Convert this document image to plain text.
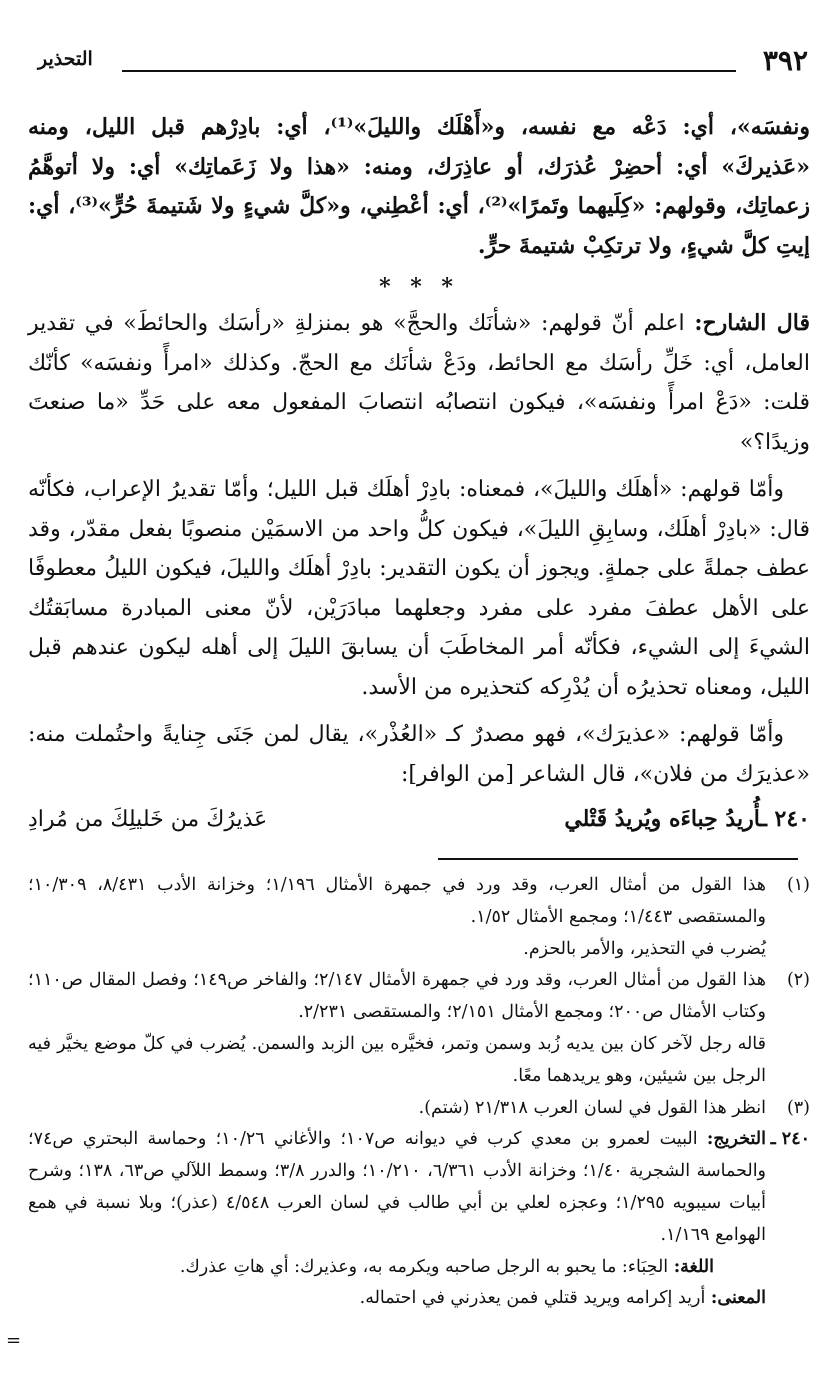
التحذير	٣٩٢

ونفسَه»، أي: دَعْه مع نفسه، و«أَهْلَك والليلَ»⁽¹⁾، أي: بادِرْهم قبل الليل، ومنه «عَذيركَ» أي: أحضِرْ عُذرَك، أو عاذِرَك، ومنه: «هذا ولا زَعَماتِك» أي: ولا أتوهَّمُ زعماتِك، وقولهم: «كِلَيهما وتَمرًا»⁽²⁾، أي: أعْطِني، و«كلَّ شيءٍ ولا شَتيمةَ حُرٍّ»⁽³⁾، أي: إيتِ كلَّ شيءٍ، ولا ترتكِبْ شتيمةَ حرٍّ.

* * *

قال الشارح: اعلم أنّ قولهم: «شأنَك والحجَّ» هو بمنزلةِ «رأسَك والحائطَ» في تقدير العامل، أي: خَلِّ رأسَك مع الحائط، ودَعْ شأنَك مع الحجّ. وكذلك «امرأً ونفسَه» كأنّك قلت: «دَعْ امرأً ونفسَه»، فيكون انتصابُه انتصابَ المفعول معه على حَدِّ «ما صنعتَ وزيدًا؟»

وأمّا قولهم: «أهلَك والليلَ»، فمعناه: بادِرْ أهلَك قبل الليل؛ وأمّا تقديرُ الإعراب، فكأنّه قال: «بادِرْ أهلَك، وسابِقِ الليلَ»، فيكون كلُّ واحد من الاسمَيْن منصوبًا بفعل مقدّر، وقد عطف جملةً على جملةٍ. ويجوز أن يكون التقدير: بادِرْ أهلَك والليلَ، فيكون الليلُ معطوفًا على الأهل عطفَ مفرد على مفرد وجعلهما مبادَرَيْن، لأنّ معنى المبادرة مسابَقتُك الشيءَ إلى الشيء، فكأنّه أمر المخاطَبَ أن يسابقَ الليلَ إلى أهله ليكون عندهم قبل الليل، ومعناه تحذيرُه أن يُدْرِكه كتحذيره من الأسد.

وأمّا قولهم: «عذيرَك»، فهو مصدرٌ كـ «العُذْر»، يقال لمن جَنَى جِنايةً واحتُملت منه: «عذيرَك من فلان»، قال الشاعر [من الوافر]:

٢٤٠ ـأُريدُ حِباءَه ويُريدُ قَتْلي
عَذيرُكَ من خَليلِكَ من مُرادِ
(١)
هذا القول من أمثال العرب، وقد ورد في جمهرة الأمثال ١/١٩٦؛ وخزانة الأدب ٨/٤٣١، ١٠/٣٠٩؛ والمستقصى ١/٤٤٣؛ ومجمع الأمثال ١/٥٢.
يُضرب في التحذير، والأمر بالحزم.
(٢)
هذا القول من أمثال العرب، وقد ورد في جمهرة الأمثال ٢/١٤٧؛ والفاخر ص١٤٩؛ وفصل المقال ص١١٠؛ وكتاب الأمثال ص٢٠٠؛ ومجمع الأمثال ٢/١٥١؛ والمستقصى ٢/٢٣١.
قاله رجل لآخر كان بين يديه زُبد وسمن وتمر، فخيَّره بين الزبد والسمن. يُضرب في كلّ موضع يخيَّر فيه الرجل بين شيئين، وهو يريدهما معًا.
(٣)
انظر هذا القول في لسان العرب ٢١/٣١٨ (شتم).
٢٤٠ ـ
التخريج: البيت لعمرو بن معدي كرب في ديوانه ص١٠٧؛ والأغاني ١٠/٢٦؛ وحماسة البحتري ص٧٤؛ والحماسة الشجرية ١/٤٠؛ وخزانة الأدب ٦/٣٦١، ١٠/٢١٠؛ والدرر ٣/٨؛ وسمط اللآلي ص٦٣، ١٣٨؛ وشرح أبيات سيبويه ١/٢٩٥؛ وعجزه لعلي بن أبي طالب في لسان العرب ٤/٥٤٨ (عذر)؛ وبلا نسبة في همع الهوامع ١/١٦٩.
اللغة: الحِبَاء: ما يحبو به الرجل صاحبه ويكرمه به، وعذيرك: أي هاتِ عذرك.
المعنى: أريد إكرامه ويريد قتلي فمن يعذرني في احتماله.
=
